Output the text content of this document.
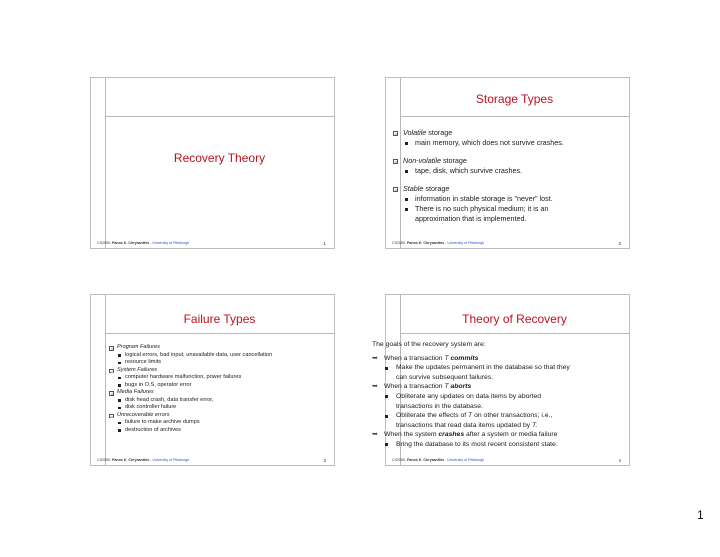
Recovery Theory
CS2550. Panos K. Chrysanthis - University of Pittsburgh	1
Storage Types
Volatile storage
main memory, which does not survive crashes.
Non-volatile storage
tape, disk, which survive crashes.
Stable storage
information in stable storage is "never" lost.
There is no such physical medium; it is an
approximation that is implemented.
CS2550. Panos K. Chrysanthis - University of Pittsburgh	2
Failure Types
Program Failures
logical errors, bad input, unavailable data, user cancellation
resource limits
System Failures
computer hardware malfunction, power failures
bugs in O.S, operator error
Media Failures
disk head crash, data transfer error,
disk controller failure
Unrecoverable errors
failure to make archive dumps
destruction of archives
CS2550. Panos K. Chrysanthis - University of Pittsburgh	3
Theory of Recovery
The goals of the recovery system are:
➥ When a transaction T commits
Make the updates permanent in the database so that they
can survive subsequent failures.
➥ When a transaction T aborts
Obliterate any updates on data items by aborted
transactions in the database.
Obliterate the effects of T on other transactions; i.e.,
transactions that read data items updated by T.
➥ When the system crashes after a system or media failure
Bring the database to its most recent consistent state.
CS2550. Panos K. Chrysanthis - University of Pittsburgh	4
1
